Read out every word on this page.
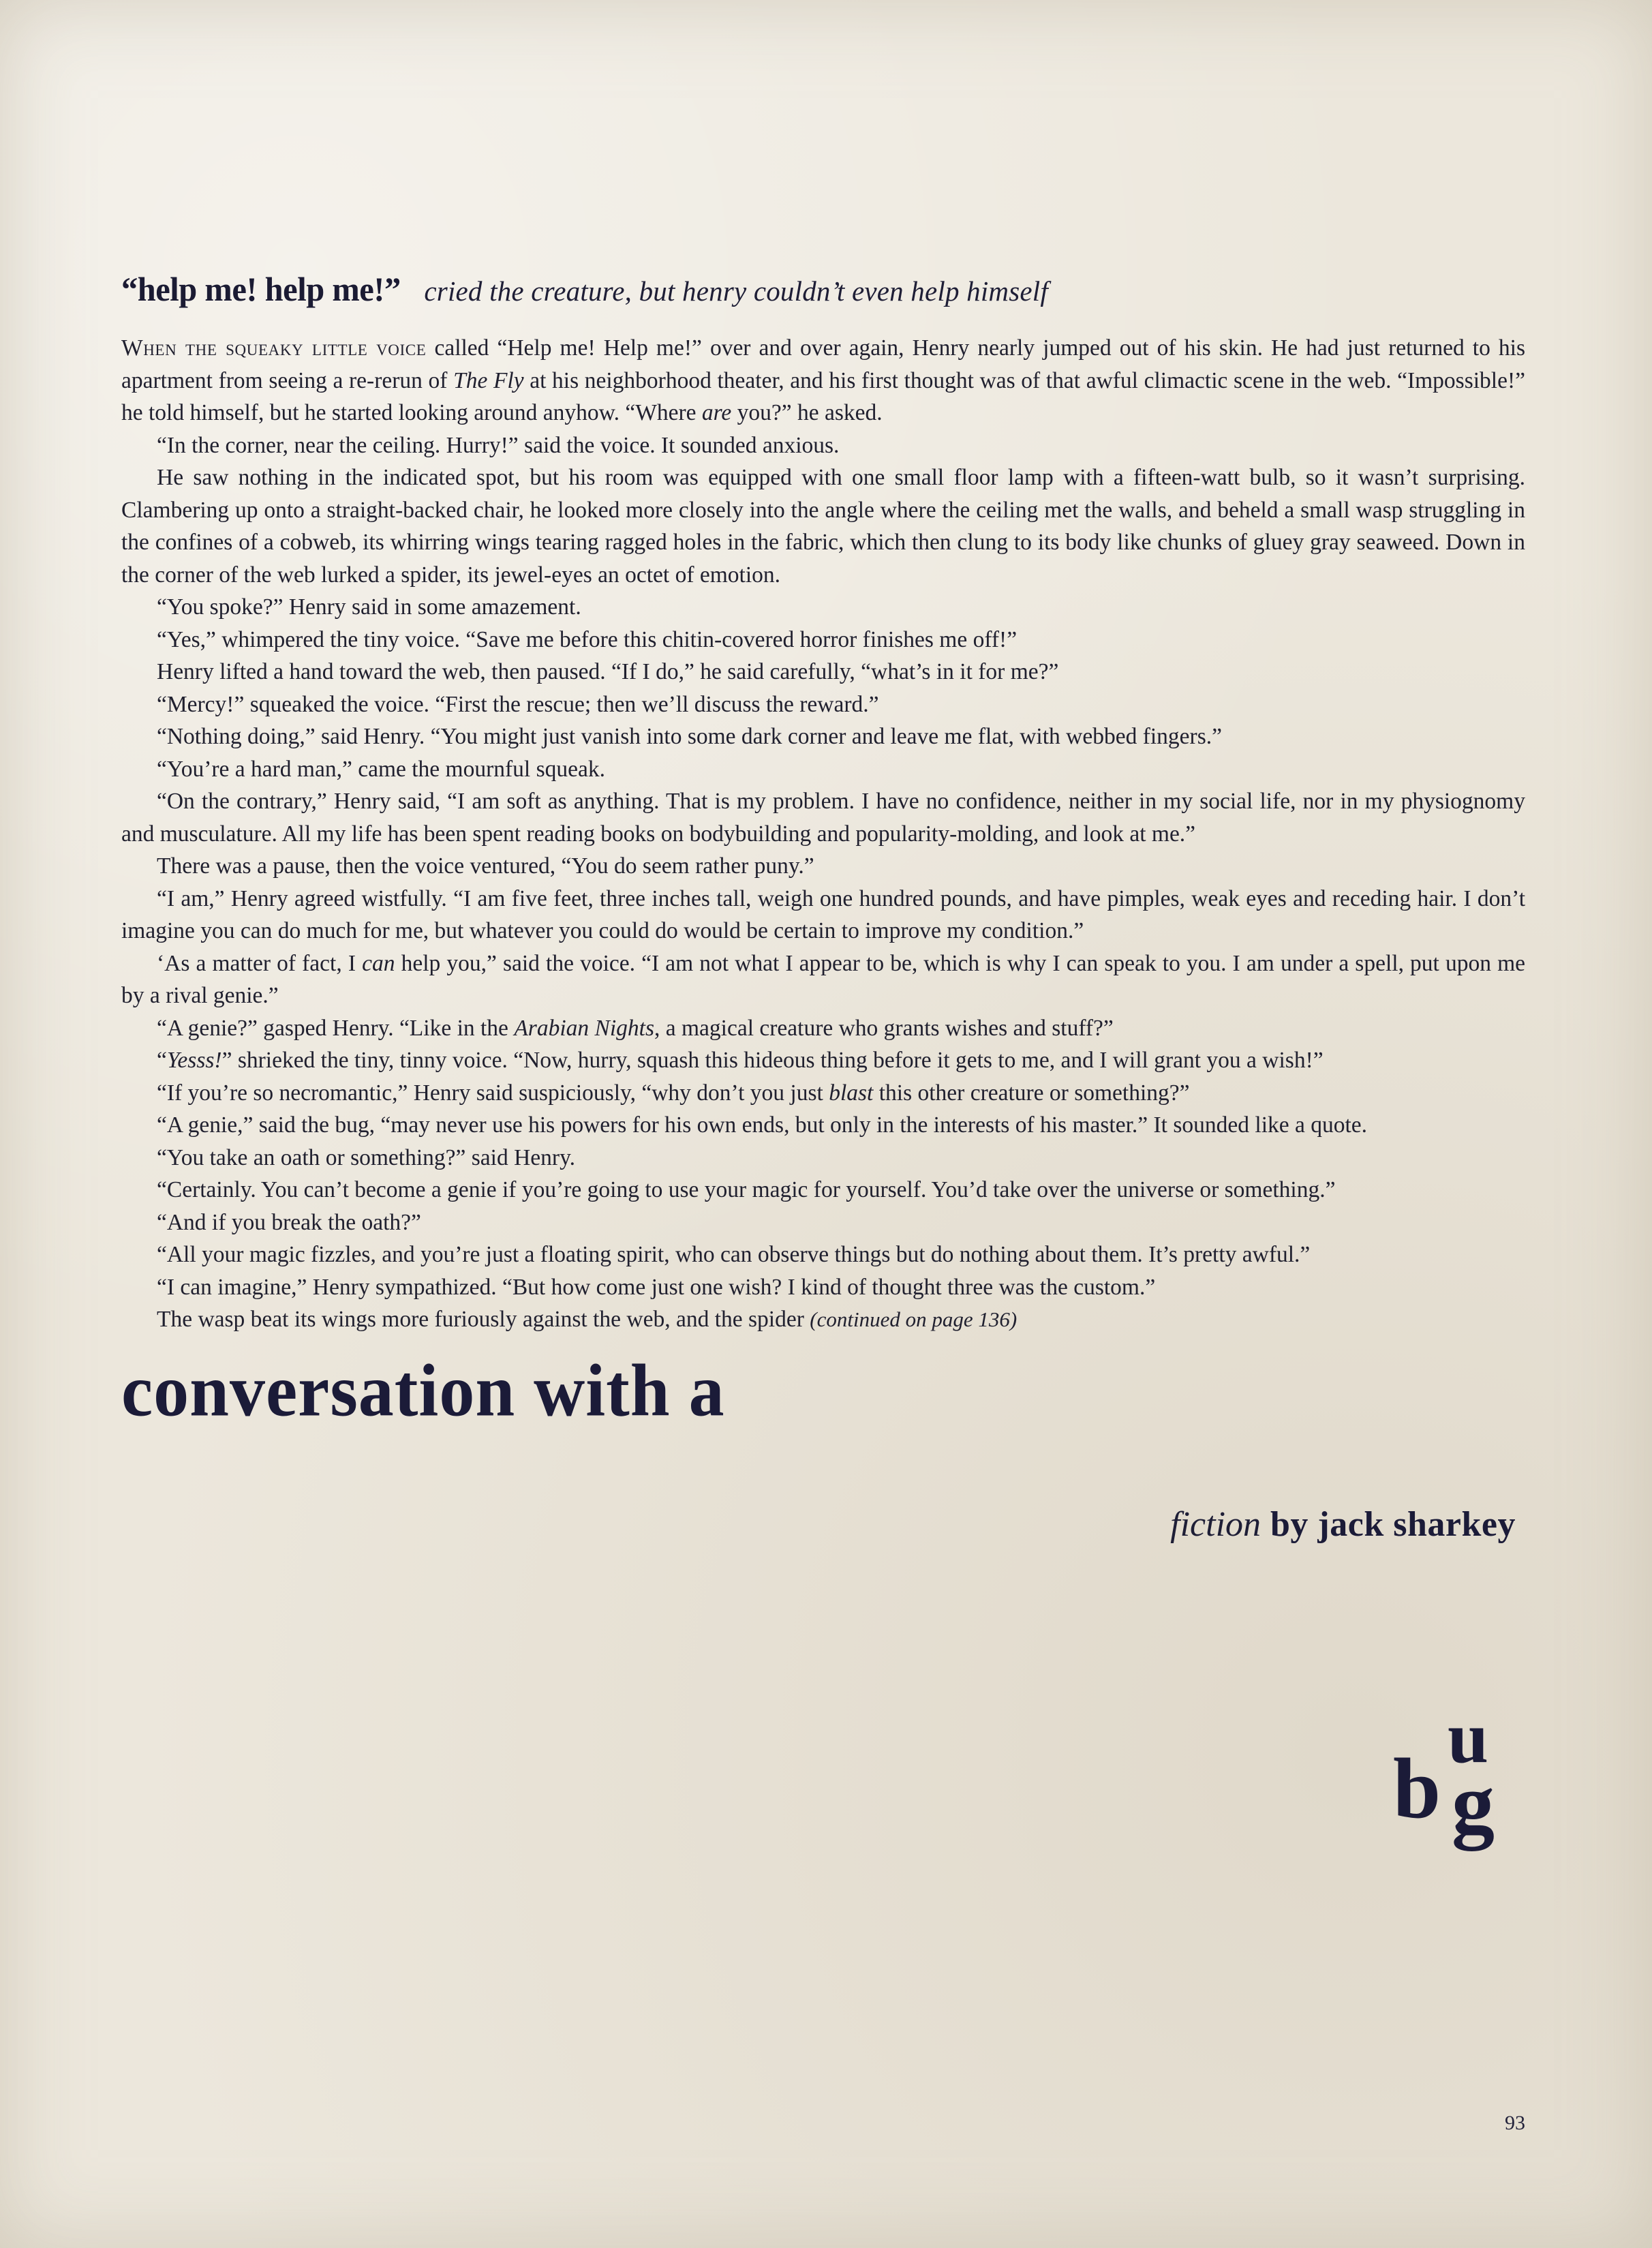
“help me! help me!” cried the creature, but henry couldn’t even help himself

When the squeaky little voice called “Help me! Help me!” over and over again, Henry nearly jumped out of his skin. He had just returned to his apartment from seeing a re-rerun of The Fly at his neighborhood theater, and his first thought was of that awful climactic scene in the web. “Impossible!” he told himself, but he started looking around anyhow. “Where are you?” he asked.

“In the corner, near the ceiling. Hurry!” said the voice. It sounded anxious.

He saw nothing in the indicated spot, but his room was equipped with one small floor lamp with a fifteen-watt bulb, so it wasn’t surprising. Clambering up onto a straight-backed chair, he looked more closely into the angle where the ceiling met the walls, and beheld a small wasp struggling in the confines of a cobweb, its whirring wings tearing ragged holes in the fabric, which then clung to its body like chunks of gluey gray seaweed. Down in the corner of the web lurked a spider, its jewel-eyes an octet of emotion.

“You spoke?” Henry said in some amazement.

“Yes,” whimpered the tiny voice. “Save me before this chitin-covered horror finishes me off!”

Henry lifted a hand toward the web, then paused. “If I do,” he said carefully, “what’s in it for me?”

“Mercy!” squeaked the voice. “First the rescue; then we’ll discuss the reward.”

“Nothing doing,” said Henry. “You might just vanish into some dark corner and leave me flat, with webbed fingers.”

“You’re a hard man,” came the mournful squeak.

“On the contrary,” Henry said, “I am soft as anything. That is my problem. I have no confidence, neither in my social life, nor in my physiognomy and musculature. All my life has been spent reading books on bodybuilding and popularity-molding, and look at me.”

There was a pause, then the voice ventured, “You do seem rather puny.”

“I am,” Henry agreed wistfully. “I am five feet, three inches tall, weigh one hundred pounds, and have pimples, weak eyes and receding hair. I don’t imagine you can do much for me, but whatever you could do would be certain to improve my condition.”

‘As a matter of fact, I can help you,” said the voice. “I am not what I appear to be, which is why I can speak to you. I am under a spell, put upon me by a rival genie.”

“A genie?” gasped Henry. “Like in the Arabian Nights, a magical creature who grants wishes and stuff?”

“Yesss!” shrieked the tiny, tinny voice. “Now, hurry, squash this hideous thing before it gets to me, and I will grant you a wish!”

“If you’re so necromantic,” Henry said suspiciously, “why don’t you just blast this other creature or something?”

“A genie,” said the bug, “may never use his powers for his own ends, but only in the interests of his master.” It sounded like a quote.

“You take an oath or something?” said Henry.

“Certainly. You can’t become a genie if you’re going to use your magic for yourself. You’d take over the universe or something.”

“And if you break the oath?”

“All your magic fizzles, and you’re just a floating spirit, who can observe things but do nothing about them. It’s pretty awful.”

“I can imagine,” Henry sympathized. “But how come just one wish? I kind of thought three was the custom.”

The wasp beat its wings more furiously against the web, and the spider (continued on page 136)

u
b g
conversation with a
fiction by jack sharkey
93
